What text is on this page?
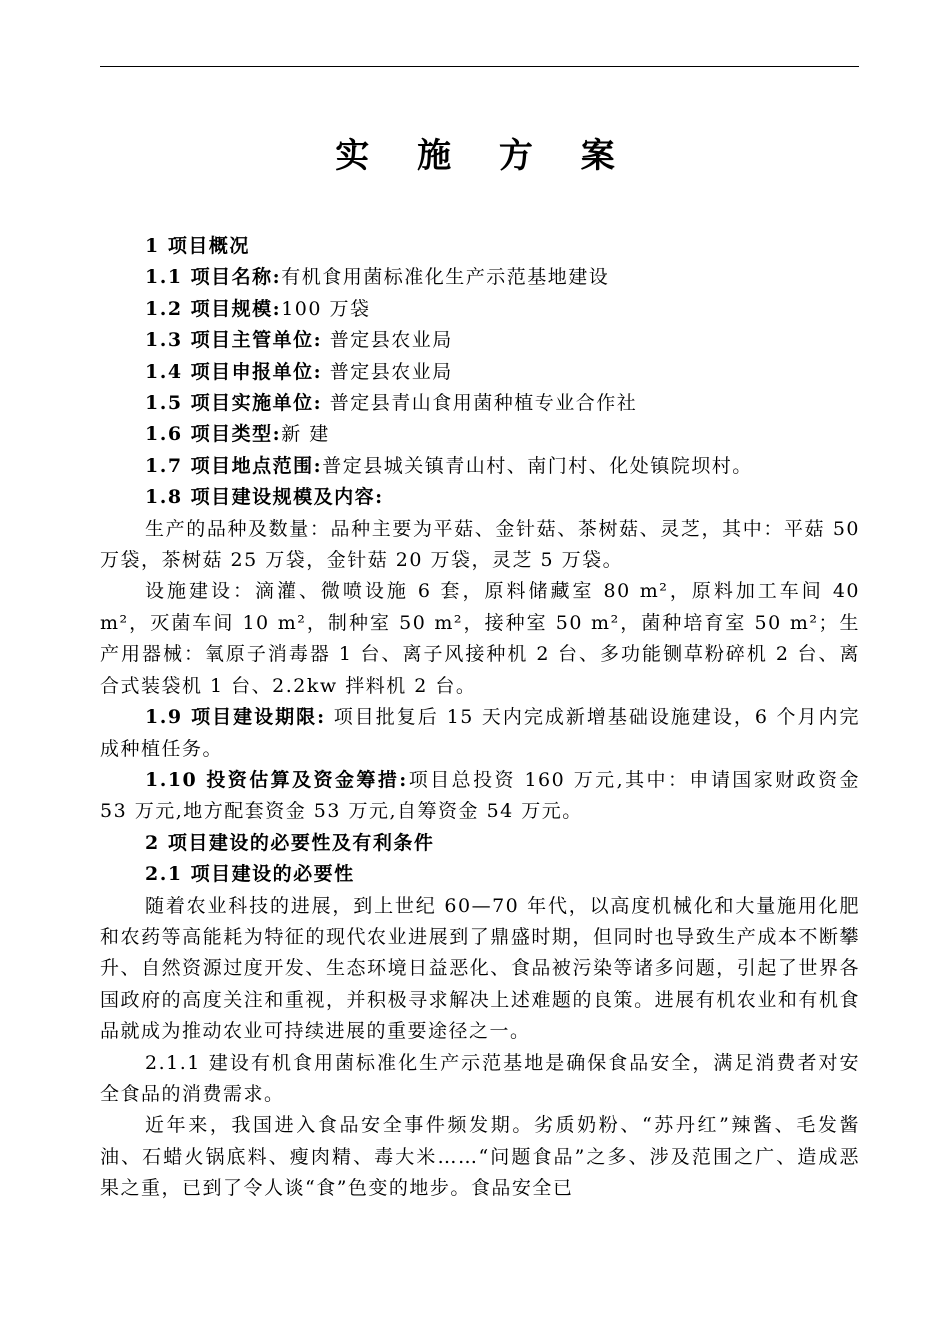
实 施 方 案

1 项目概况

1.1 项目名称:有机食用菌标准化生产示范基地建设

1.2 项目规模:100 万袋

1.3 项目主管单位: 普定县农业局

1.4 项目申报单位: 普定县农业局

1.5 项目实施单位: 普定县青山食用菌种植专业合作社

1.6 项目类型:新 建

1.7 项目地点范围:普定县城关镇青山村、南门村、化处镇院坝村。

1.8 项目建设规模及内容:

生产的品种及数量：品种主要为平菇、金针菇、茶树菇、灵芝，其中：平菇 50 万袋，茶树菇 25 万袋，金针菇 20 万袋，灵芝 5 万袋。

设施建设：滴灌、微喷设施 6 套，原料储藏室 80 m²，原料加工车间 40 m²，灭菌车间 10 m²，制种室 50 m²，接种室 50 m²，菌种培育室 50 m²；生产用器械：氧原子消毒器 1 台、离子风接种机 2 台、多功能铡草粉碎机 2 台、离合式装袋机 1 台、2.2kw 拌料机 2 台。

1.9 项目建设期限: 项目批复后 15 天内完成新增基础设施建设，6 个月内完成种植任务。

1.10 投资估算及资金筹措:项目总投资 160 万元,其中：申请国家财政资金 53 万元,地方配套资金 53 万元,自筹资金 54 万元。

2 项目建设的必要性及有利条件

2.1 项目建设的必要性

随着农业科技的进展，到上世纪 60—70 年代，以高度机械化和大量施用化肥和农药等高能耗为特征的现代农业进展到了鼎盛时期，但同时也导致生产成本不断攀升、自然资源过度开发、生态环境日益恶化、食品被污染等诸多问题，引起了世界各国政府的高度关注和重视，并积极寻求解决上述难题的良策。进展有机农业和有机食品就成为推动农业可持续进展的重要途径之一。

2.1.1 建设有机食用菌标准化生产示范基地是确保食品安全，满足消费者对安全食品的消费需求。

近年来，我国进入食品安全事件频发期。劣质奶粉、“苏丹红”辣酱、毛发酱油、石蜡火锅底料、瘦肉精、毒大米……“问题食品”之多、涉及范围之广、造成恶果之重，已到了令人谈“食”色变的地步。食品安全已
